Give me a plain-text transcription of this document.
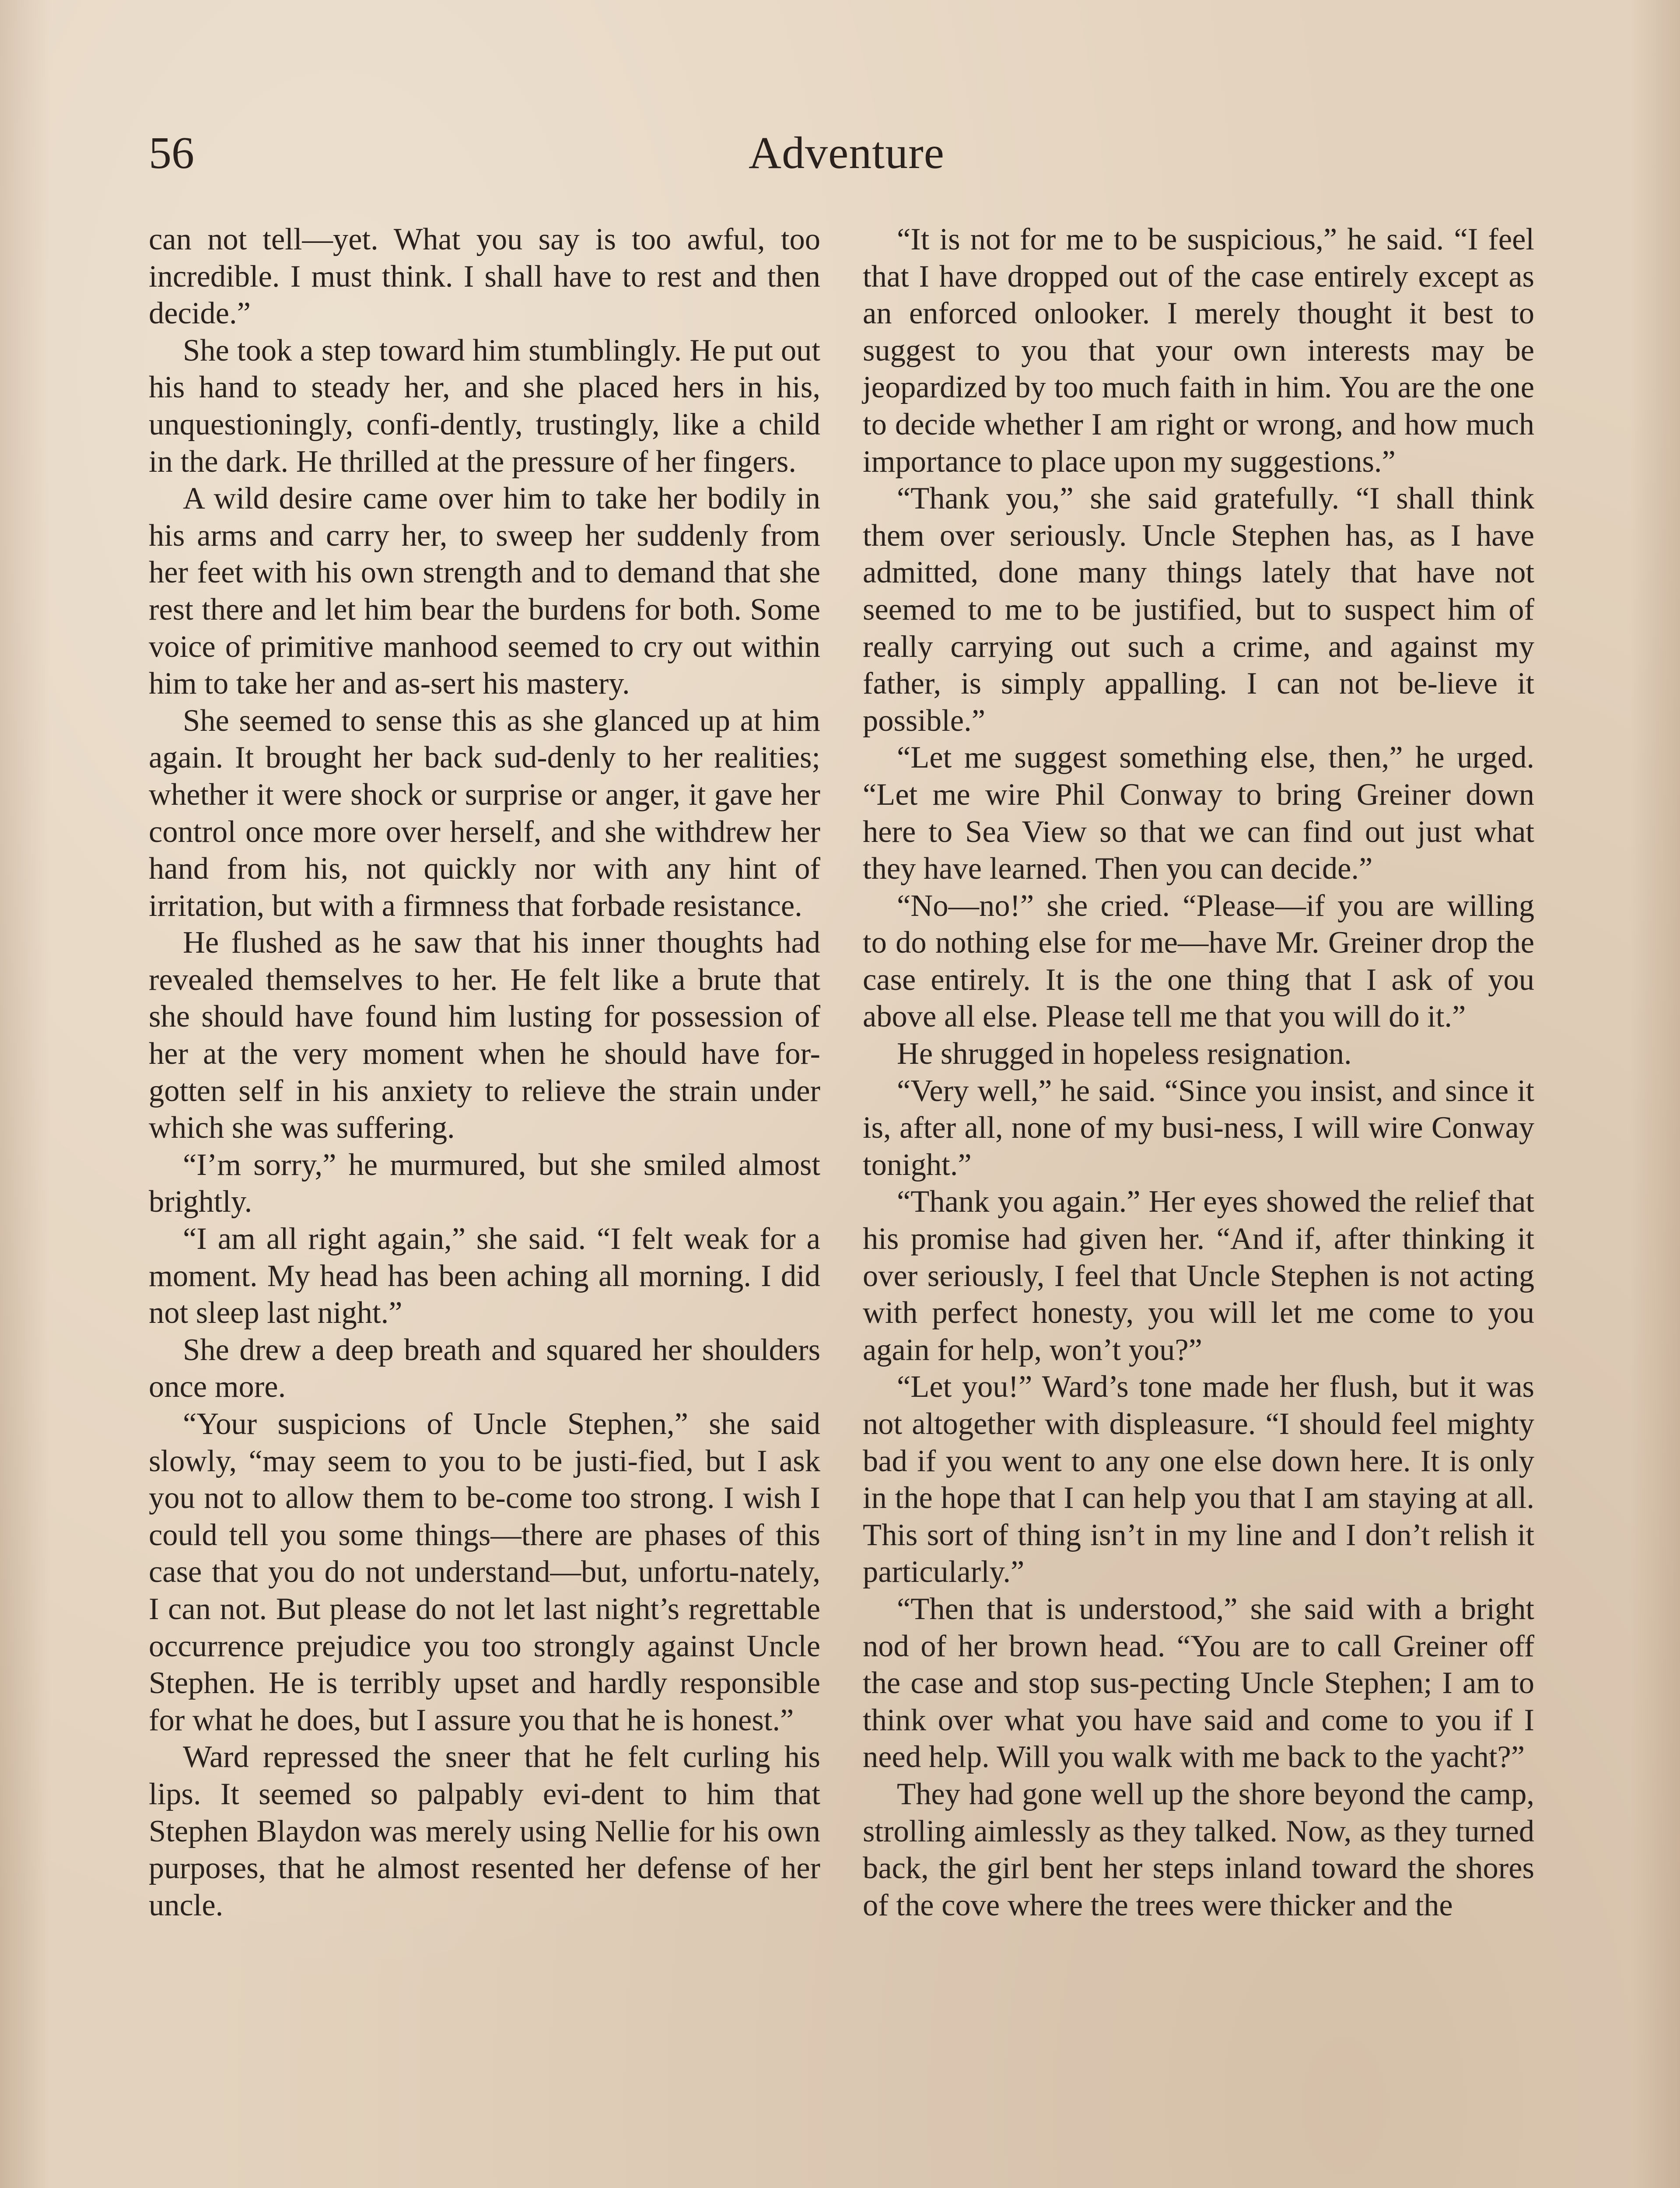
56	Adventure

can not tell—yet. What you say is too awful, too incredible. I must think. I shall have to rest and then decide.”

She took a step toward him stumblingly. He put out his hand to steady her, and she placed hers in his, unquestioningly, confi-dently, trustingly, like a child in the dark. He thrilled at the pressure of her fingers.

A wild desire came over him to take her bodily in his arms and carry her, to sweep her suddenly from her feet with his own strength and to demand that she rest there and let him bear the burdens for both. Some voice of primitive manhood seemed to cry out within him to take her and as-sert his mastery.

She seemed to sense this as she glanced up at him again. It brought her back sud-denly to her realities; whether it were shock or surprise or anger, it gave her control once more over herself, and she withdrew her hand from his, not quickly nor with any hint of irritation, but with a firmness that forbade resistance.

He flushed as he saw that his inner thoughts had revealed themselves to her. He felt like a brute that she should have found him lusting for possession of her at the very moment when he should have for-gotten self in his anxiety to relieve the strain under which she was suffering.

“I’m sorry,” he murmured, but she smiled almost brightly.

“I am all right again,” she said. “I felt weak for a moment. My head has been aching all morning. I did not sleep last night.”

She drew a deep breath and squared her shoulders once more.

“Your suspicions of Uncle Stephen,” she said slowly, “may seem to you to be justi-fied, but I ask you not to allow them to be-come too strong. I wish I could tell you some things—there are phases of this case that you do not understand—but, unfortu-nately, I can not. But please do not let last night’s regrettable occurrence prejudice you too strongly against Uncle Stephen. He is terribly upset and hardly responsible for what he does, but I assure you that he is honest.”

Ward repressed the sneer that he felt curling his lips. It seemed so palpably evi-dent to him that Stephen Blaydon was merely using Nellie for his own purposes, that he almost resented her defense of her uncle.

“It is not for me to be suspicious,” he said. “I feel that I have dropped out of the case entirely except as an enforced onlooker. I merely thought it best to suggest to you that your own interests may be jeopardized by too much faith in him. You are the one to decide whether I am right or wrong, and how much importance to place upon my suggestions.”

“Thank you,” she said gratefully. “I shall think them over seriously. Uncle Stephen has, as I have admitted, done many things lately that have not seemed to me to be justified, but to suspect him of really carrying out such a crime, and against my father, is simply appalling. I can not be-lieve it possible.”

“Let me suggest something else, then,” he urged. “Let me wire Phil Conway to bring Greiner down here to Sea View so that we can find out just what they have learned. Then you can decide.”

“No—no!” she cried. “Please—if you are willing to do nothing else for me—have Mr. Greiner drop the case entirely. It is the one thing that I ask of you above all else. Please tell me that you will do it.”

He shrugged in hopeless resignation.

“Very well,” he said. “Since you insist, and since it is, after all, none of my busi-ness, I will wire Conway tonight.”

“Thank you again.” Her eyes showed the relief that his promise had given her. “And if, after thinking it over seriously, I feel that Uncle Stephen is not acting with perfect honesty, you will let me come to you again for help, won’t you?”

“Let you!” Ward’s tone made her flush, but it was not altogether with displeasure. “I should feel mighty bad if you went to any one else down here. It is only in the hope that I can help you that I am staying at all. This sort of thing isn’t in my line and I don’t relish it particularly.”

“Then that is understood,” she said with a bright nod of her brown head. “You are to call Greiner off the case and stop sus-pecting Uncle Stephen; I am to think over what you have said and come to you if I need help. Will you walk with me back to the yacht?”

They had gone well up the shore beyond the camp, strolling aimlessly as they talked. Now, as they turned back, the girl bent her steps inland toward the shores of the cove where the trees were thicker and the
